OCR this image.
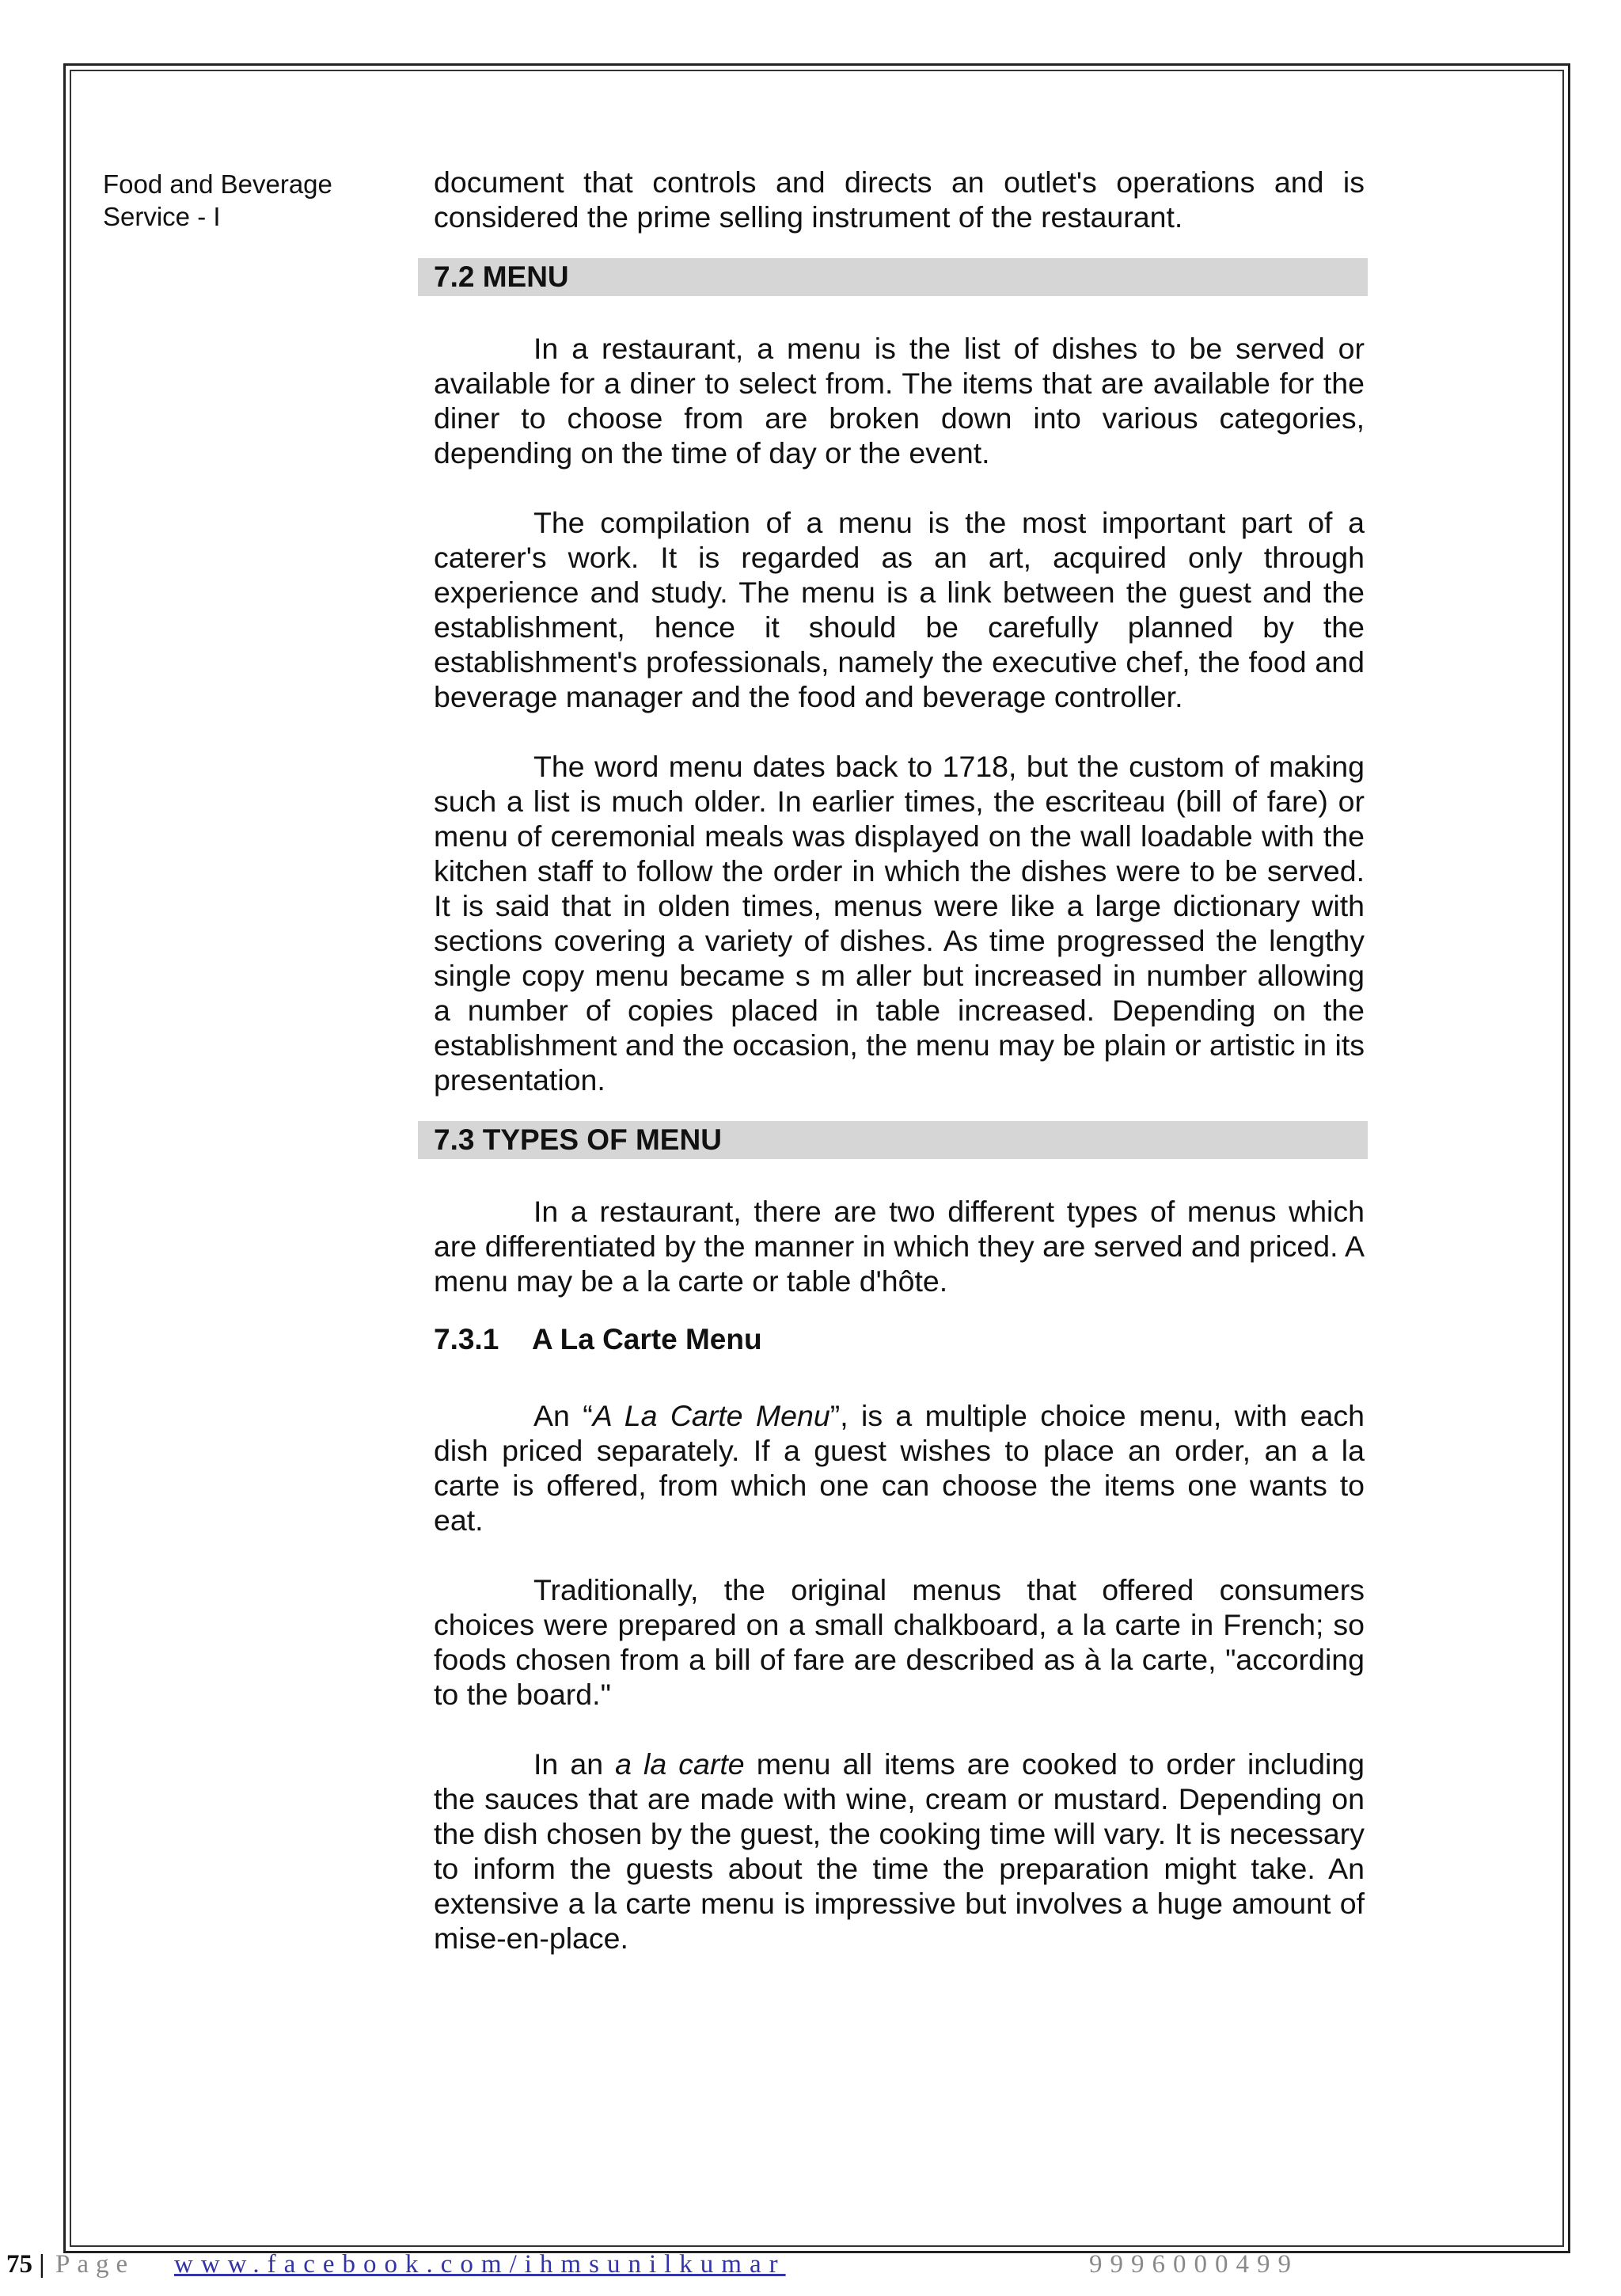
Food and Beverage
Service - I

document that controls and directs an outlet's operations and is considered the prime selling instrument of the restaurant.

7.2 MENU

In a restaurant, a menu is the list of dishes to be served or available for a diner to select from. The items that are available for the diner to choose from are broken down into various categories, depending on the time of day or the event.

The compilation of a menu is the most important part of a caterer's work. It is regarded as an art, acquired only through experience and study. The menu is a link between the guest and the establishment, hence it should be carefully planned by the establishment's professionals, namely the executive chef, the food and beverage manager and the food and beverage controller.

The word menu dates back to 1718, but the custom of making such a list is much older. In earlier times, the escriteau (bill of fare) or menu of ceremonial meals was displayed on the wall loadable with the kitchen staff to follow the order in which the dishes were to be served. It is said that in olden times, menus were like a large dictionary with sections covering a variety of dishes. As time progressed the lengthy single copy menu became s m aller but increased in number allowing a number of copies placed in table increased. Depending on the establishment and the occasion, the menu may be plain or artistic in its presentation.

7.3 TYPES OF MENU

In a restaurant, there are two different types of menus which are differentiated by the manner in which they are served and priced. A menu may be a la carte or table d'hôte.

7.3.1 A La Carte Menu

An “A La Carte Menu”, is a multiple choice menu, with each dish priced separately. If a guest wishes to place an order, an a la carte is offered, from which one can choose the items one wants to eat.

Traditionally, the original menus that offered consumers choices were prepared on a small chalkboard, a la carte in French; so foods chosen from a bill of fare are described as à la carte, "according to the board."

In an a la carte menu all items are cooked to order including the sauces that are made with wine, cream or mustard. Depending on the dish chosen by the guest, the cooking time will vary. It is necessary to inform the guests about the time the preparation might take. An extensive a la carte menu is impressive but involves a huge amount of mise-en-place.

75 | Page www.facebook.com/ihmsunilkumar	9996000499
